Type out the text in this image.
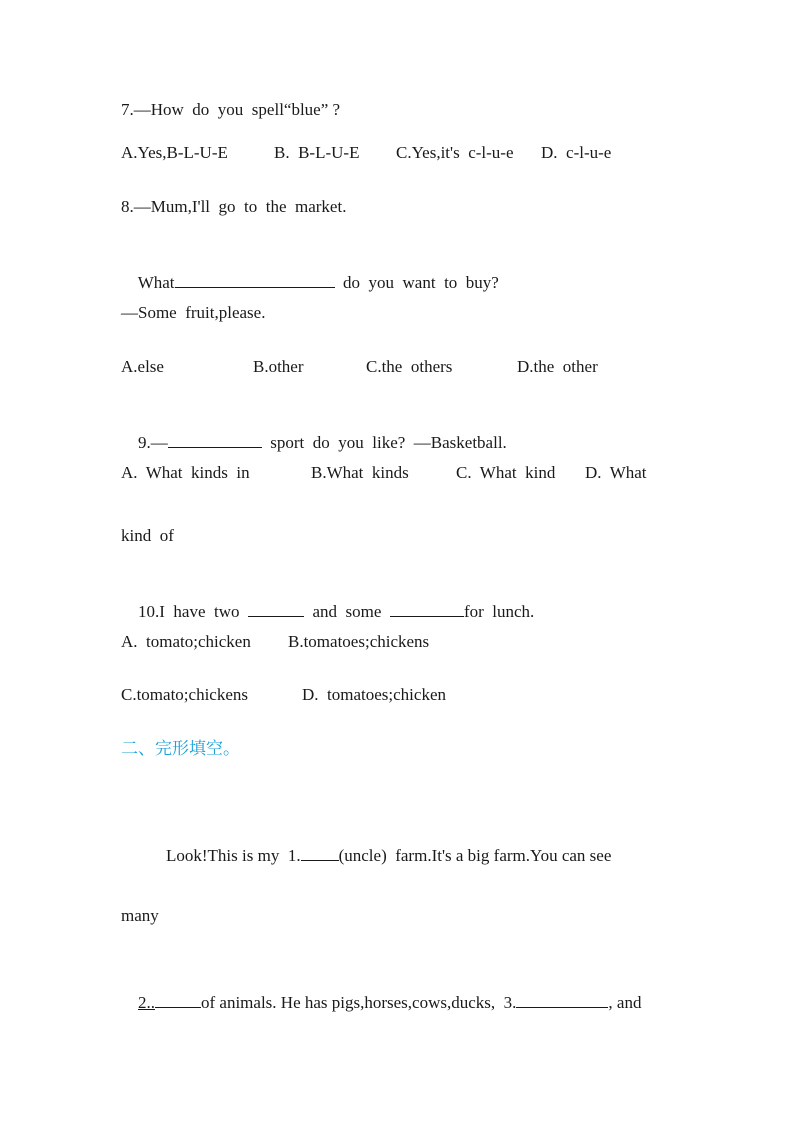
7.—How  do  you  spell“blue” ?
A.Yes,B-L-U-E	B.  B-L-U-E C.Yes,it's  c-l-u-e D.  c-l-u-e
8.—Mum,I'll  go  to  the  market.

What	do  you  want  to  buy?

—Some  fruit,please.
A.else	B.other	C.the  others	D.the  other

9.—	sport  do  you  like?  —Basketball.

A.  What  kinds  in	B.What  kinds	C.  What  kind D.  What
kind  of

10.I  have  two	and  some	for  lunch.

A.  tomato;chicken B.tomatoes;chickens
C.tomato;chickens	D.  tomatoes;chicken
二、完形填空。

Look!This is my  1. (uncle)  farm.It's a big farm.You can see

many

2..	of animals. He has pigs,horses,cows,ducks,  3.	, and
